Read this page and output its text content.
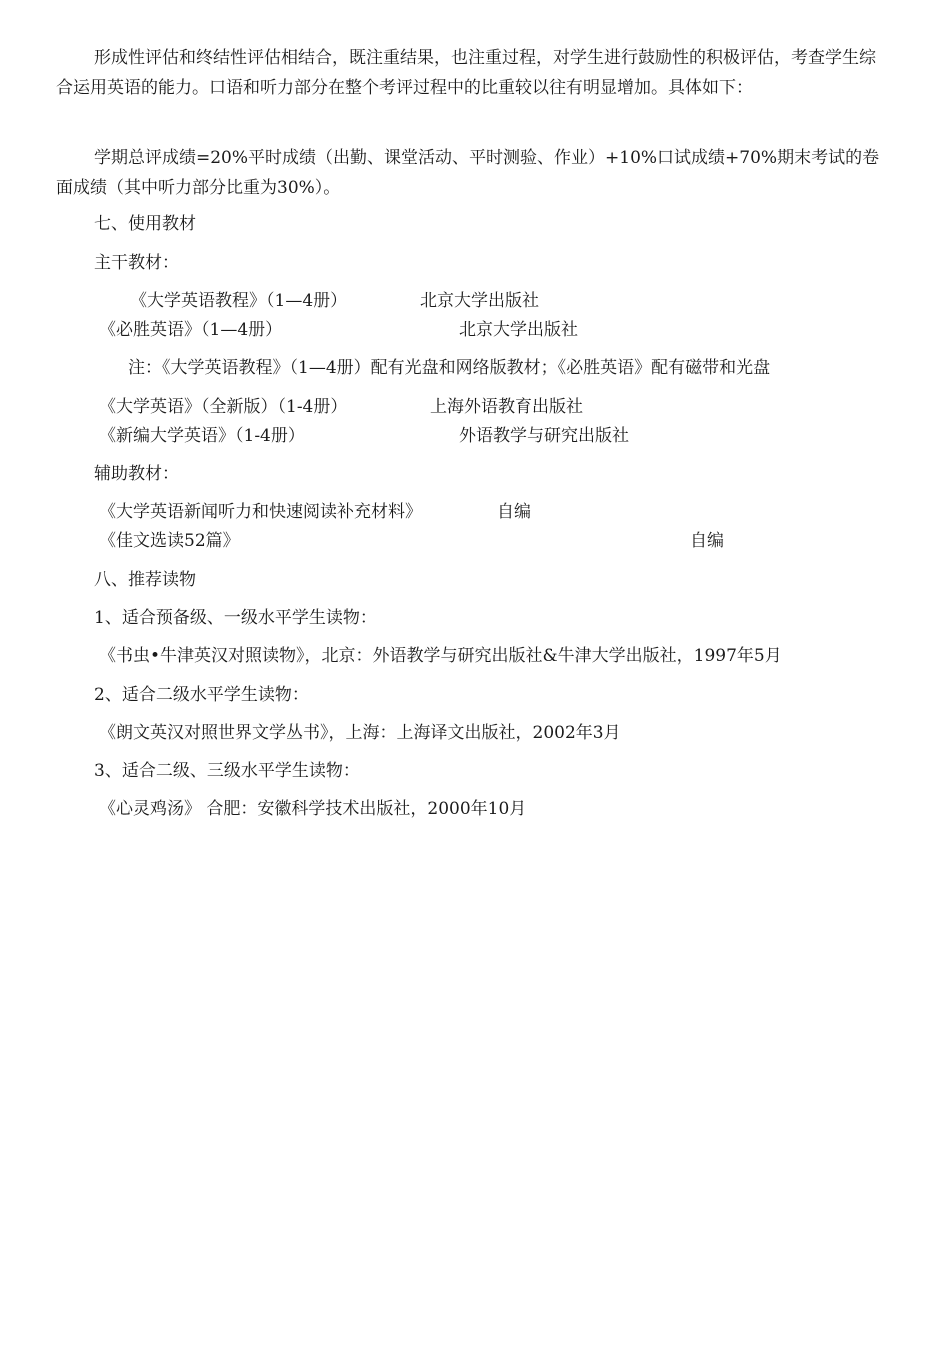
形成性评估和终结性评估相结合，既注重结果，也注重过程，对学生进行鼓励性的积极评估，考查学生综合运用英语的能力。口语和听力部分在整个考评过程中的比重较以往有明显增加。具体如下：
学期总评成绩=20%平时成绩（出勤、课堂活动、平时测验、作业）+10%口试成绩+70%期末考试的卷面成绩（其中听力部分比重为30%）。
七、使用教材
主干教材：
《大学英语教程》（1—4册）	北京大学出版社
《必胜英语》（1—4册）	北京大学出版社
注：《大学英语教程》（1—4册）配有光盘和网络版教材；《必胜英语》配有磁带和光盘
《大学英语》（全新版）（1-4册）	上海外语教育出版社
《新编大学英语》（1-4册）	外语教学与研究出版社
辅助教材：
《大学英语新闻听力和快速阅读补充材料》	自编
《佳文选读52篇》	自编
八、推荐读物
1、适合预备级、一级水平学生读物：
《书虫•牛津英汉对照读物》，北京：外语教学与研究出版社&牛津大学出版社，1997年5月
2、适合二级水平学生读物：
《朗文英汉对照世界文学丛书》，上海：上海译文出版社，2002年3月
3、适合二级、三级水平学生读物：
《心灵鸡汤》 合肥：安徽科学技术出版社，2000年10月
